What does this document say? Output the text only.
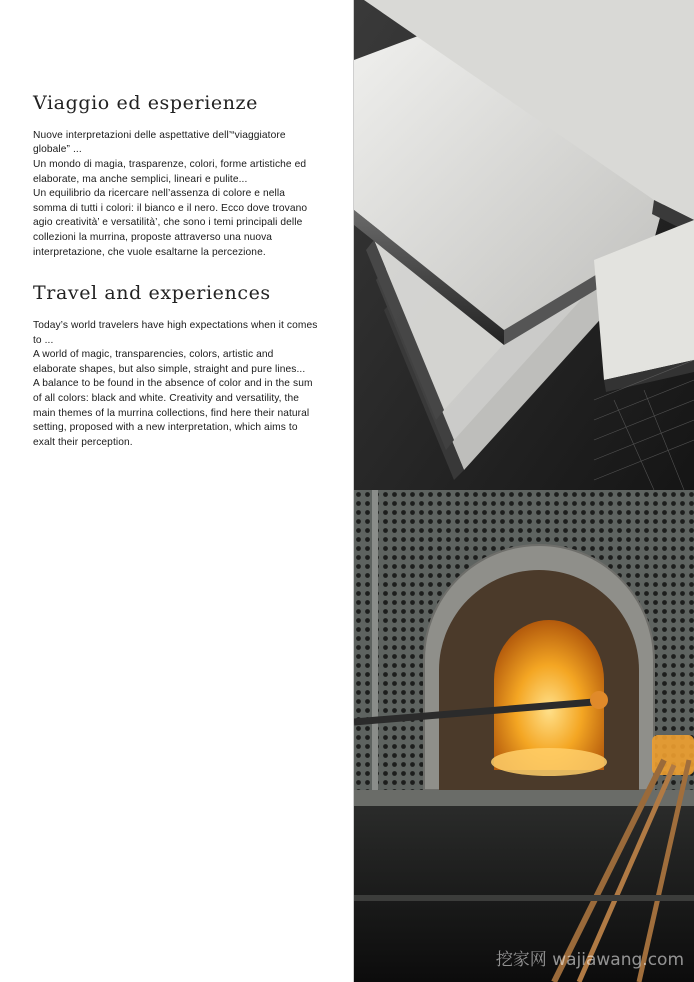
Viaggio ed esperienze

Nuove interpretazioni delle aspettative dell’“viaggiatore globale” ...

Un mondo di magia, trasparenze, colori, forme artistiche ed elaborate, ma anche semplici, lineari e pulite...

Un equilibrio da ricercare nell’assenza di colore e nella somma di tutti i colori: il bianco e il nero. Ecco dove trovano agio creatività’ e versatilità’, che sono i temi principali delle collezioni la murrina, proposte attraverso una nuova interpretazione, che vuole esaltarne la percezione.

Travel and experiences

Today’s world travelers have high expectations when it comes to ...

A world of magic, transparencies, colors, artistic and elaborate shapes, but also simple, straight and pure lines...

A balance to be found in the absence of color and in the sum of all colors: black and white. Creativity and versatility, the main themes of la murrina collections, find here their natural setting, proposed with a new interpretation, which aims to exalt their perception.

挖家网 wajiawang.com
